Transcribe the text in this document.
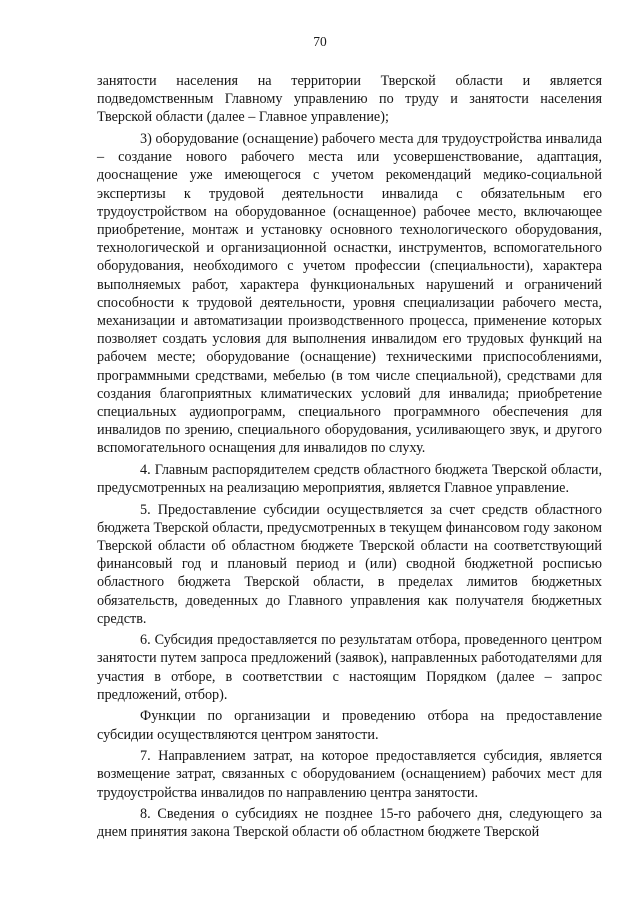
70

занятости населения на территории Тверской области и является подведомственным Главному управлению по труду и занятости населения Тверской области (далее – Главное управление);

3) оборудование (оснащение) рабочего места для трудоустройства инвалида – создание нового рабочего места или усовершенствование, адаптация, дооснащение уже имеющегося с учетом рекомендаций медико-социальной экспертизы к трудовой деятельности инвалида с обязательным его трудоустройством на оборудованное (оснащенное) рабочее место, включающее приобретение, монтаж и установку основного технологического оборудования, технологической и организационной оснастки, инструментов, вспомогательного оборудования, необходимого с учетом профессии (специальности), характера выполняемых работ, характера функциональных нарушений и ограничений способности к трудовой деятельности, уровня специализации рабочего места, механизации и автоматизации производственного процесса, применение которых позволяет создать условия для выполнения инвалидом его трудовых функций на рабочем месте; оборудование (оснащение) техническими приспособлениями, программными средствами, мебелью (в том числе специальной), средствами для создания благоприятных климатических условий для инвалида; приобретение специальных аудиопрограмм, специального программного обеспечения для инвалидов по зрению, специального оборудования, усиливающего звук, и другого вспомогательного оснащения для инвалидов по слуху.

4. Главным распорядителем средств областного бюджета Тверской области, предусмотренных на реализацию мероприятия, является Главное управление.

5. Предоставление субсидии осуществляется за счет средств областного бюджета Тверской области, предусмотренных в текущем финансовом году законом Тверской области об областном бюджете Тверской области на соответствующий финансовый год и плановый период и (или) сводной бюджетной росписью областного бюджета Тверской области, в пределах лимитов бюджетных обязательств, доведенных до Главного управления как получателя бюджетных средств.

6. Субсидия предоставляется по результатам отбора, проведенного центром занятости путем запроса предложений (заявок), направленных работодателями для участия в отборе, в соответствии с настоящим Порядком (далее – запрос предложений, отбор).

Функции по организации и проведению отбора на предоставление субсидии осуществляются центром занятости.

7. Направлением затрат, на которое предоставляется субсидия, является возмещение затрат, связанных с оборудованием (оснащением) рабочих мест для трудоустройства инвалидов по направлению центра занятости.

8. Сведения о субсидиях не позднее 15-го рабочего дня, следующего за днем принятия закона Тверской области об областном бюджете Тверской
